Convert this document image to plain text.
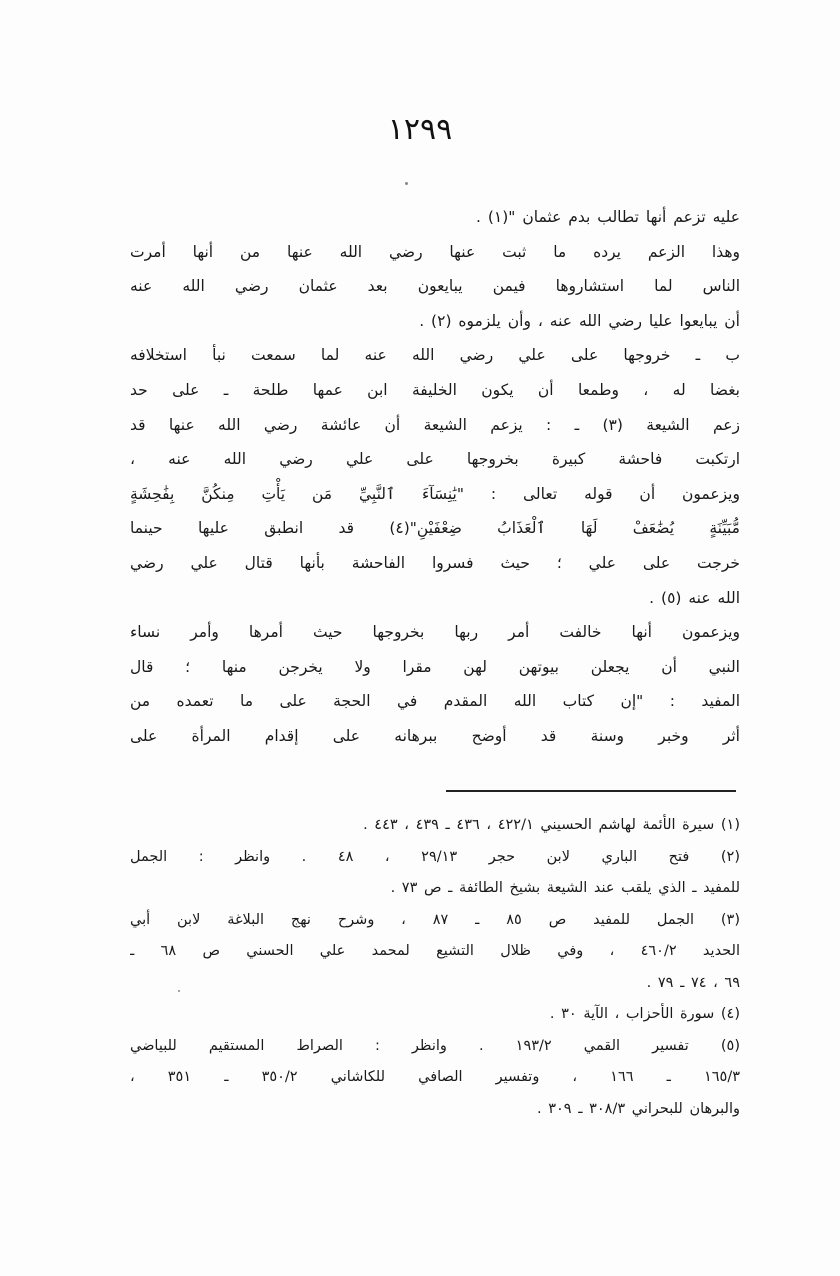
١٢٩٩
عليه تزعم أنها تطالب بدم عثمان "(١) .
وهذا الزعم يرده ما ثبت عنها رضي الله عنها من أنها أمرت
الناس لما استشاروها فيمن يبايعون بعد عثمان رضي الله عنه
أن يبايعوا عليا رضي الله عنه ، وأن يلزموه (٢) .
ب ـ خروجها على علي رضي الله عنه لما سمعت نبأ استخلافه
بغضا له ، وطمعا أن يكون الخليفة ابن عمها طلحة ـ على حد
زعم الشيعة (٣) ـ : يزعم الشيعة أن عائشة رضي الله عنها قد
ارتكبت فاحشة كبيرة بخروجها على علي رضي الله عنه ،
ويزعمون أن قوله تعالى : "يَٰنِسَآءَ ٱلنَّبِيِّ مَن يَأْتِ مِنكُنَّ بِفَٰحِشَةٍ
مُّبَيِّنَةٍ يُضَٰعَفْ لَهَا ٱلْعَذَابُ ضِعْفَيْنِ"(٤) قد انطبق عليها حينما
خرجت على علي ؛ حيث فسروا الفاحشة بأنها قتال علي رضي
الله عنه (٥) .
ويزعمون أنها خالفت أمر ربها بخروجها حيث أمرها وأمر نساء
النبي أن يجعلن بيوتهن لهن مقرا ولا يخرجن منها ؛ قال
المفيد : "إن كتاب الله المقدم في الحجة على ما تعمده من
أثر وخبر وسنة قد أوضح ببرهانه على إقدام المرأة على
(١) سيرة الأئمة لهاشم الحسيني ٤٢٢/١ ، ٤٣٦ ـ ٤٣٩ ، ٤٤٣ .
(٢) فتح الباري لابن حجر ٢٩/١٣ ، ٤٨ . وانظر : الجمل
للمفيد ـ الذي يلقب عند الشيعة بشيخ الطائفة ـ ص ٧٣ .
(٣) الجمل للمفيد ص ٨٥ ـ ٨٧ ، وشرح نهج البلاغة لابن أبي
الحديد ٤٦٠/٢ ، وفي ظلال التشيع لمحمد علي الحسني ص ٦٨ ـ
٦٩ ، ٧٤ ـ ٧٩ .
(٤) سورة الأحزاب ، الآية ٣٠ .
(٥) تفسير القمي ١٩٣/٢ . وانظر : الصراط المستقيم للبياضي
١٦٥/٣ ـ ١٦٦ ، وتفسير الصافي للكاشاني ٣٥٠/٢ ـ ٣٥١ ،
والبرهان للبحراني ٣٠٨/٣ ـ ٣٠٩ .
